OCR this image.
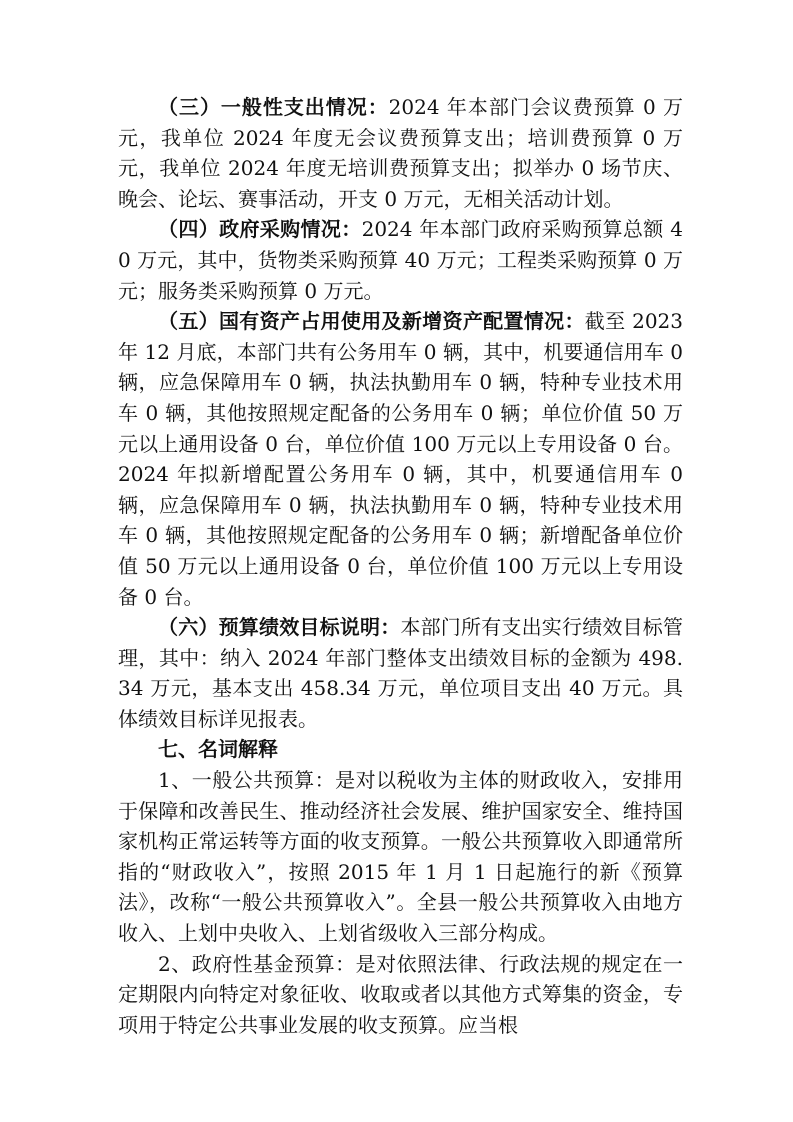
（三）一般性支出情况：2024 年本部门会议费预算 0 万元，我单位 2024 年度无会议费预算支出；培训费预算 0 万元，我单位 2024 年度无培训费预算支出；拟举办 0 场节庆、晚会、论坛、赛事活动，开支 0 万元，无相关活动计划。

（四）政府采购情况：2024 年本部门政府采购预算总额 40 万元，其中，货物类采购预算 40 万元；工程类采购预算 0 万元；服务类采购预算 0 万元。

（五）国有资产占用使用及新增资产配置情况：截至 2023 年 12 月底，本部门共有公务用车 0 辆，其中，机要通信用车 0 辆，应急保障用车 0 辆，执法执勤用车 0 辆，特种专业技术用车 0 辆，其他按照规定配备的公务用车 0 辆；单位价值 50 万元以上通用设备 0 台，单位价值 100 万元以上专用设备 0 台。2024 年拟新增配置公务用车 0 辆，其中，机要通信用车 0 辆，应急保障用车 0 辆，执法执勤用车 0 辆，特种专业技术用车 0 辆，其他按照规定配备的公务用车 0 辆；新增配备单位价值 50 万元以上通用设备 0 台，单位价值 100 万元以上专用设备 0 台。

（六）预算绩效目标说明：本部门所有支出实行绩效目标管理，其中：纳入 2024 年部门整体支出绩效目标的金额为 498.34 万元，基本支出 458.34 万元，单位项目支出 40 万元。具体绩效目标详见报表。

七、名词解释

1、一般公共预算：是对以税收为主体的财政收入，安排用于保障和改善民生、推动经济社会发展、维护国家安全、维持国家机构正常运转等方面的收支预算。一般公共预算收入即通常所指的“财政收入”，按照 2015 年 1 月 1 日起施行的新《预算法》，改称“一般公共预算收入”。全县一般公共预算收入由地方收入、上划中央收入、上划省级收入三部分构成。

2、政府性基金预算：是对依照法律、行政法规的规定在一定期限内向特定对象征收、收取或者以其他方式筹集的资金，专项用于特定公共事业发展的收支预算。应当根
